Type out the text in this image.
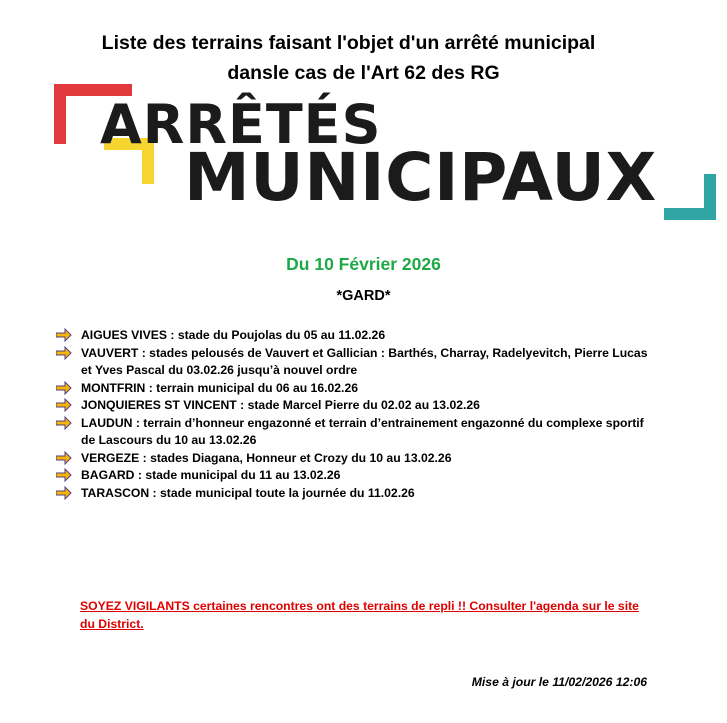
Liste des terrains faisant l'objet d'un arrêté municipal
dansle cas de l'Art 62 des RG
ARRÊTÉS
MUNICIPAUX
Du 10 Février 2026
*GARD*
AIGUES VIVES : stade du Poujolas du 05 au 11.02.26
VAUVERT : stades pelousés de Vauvert et Gallician : Barthés, Charray, Radelyevitch, Pierre Lucas et Yves Pascal du 03.02.26 jusqu’à nouvel ordre
MONTFRIN : terrain municipal du 06 au 16.02.26
JONQUIERES ST VINCENT : stade Marcel Pierre du 02.02 au 13.02.26
LAUDUN : terrain d’honneur engazonné et terrain d’entrainement engazonné du complexe sportif de Lascours du 10 au 13.02.26
VERGEZE : stades Diagana, Honneur et Crozy du 10 au 13.02.26
BAGARD : stade municipal du 11 au 13.02.26
TARASCON : stade municipal toute la journée du 11.02.26
SOYEZ VIGILANTS certaines rencontres ont des terrains de repli !! Consulter l'agenda sur le site du District.
Mise à jour le 11/02/2026 12:06
